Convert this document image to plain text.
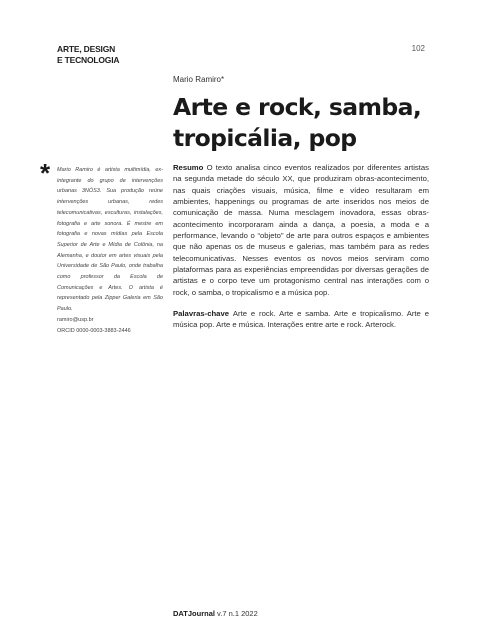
ARTE, DESIGN
E TECNOLOGIA
102
Mario Ramiro*
Arte e rock, samba,
tropicália, pop
* Mario Ramiro é artista multimídia, ex-integrante do grupo de intervenções urbanas 3NÓS3. Sua produção reúne intervenções urbanas, redes telecomunicativas, esculturas, instalações, fotografia e arte sonora. É mestre em fotografia e novas mídias pela Escola Superior de Arte e Mídia de Colônia, na Alemanha, e doutor em artes visuais pela Universidade de São Paulo, onde trabalha como professor da Escola de Comunicações e Artes. O artista é representado pela Zipper Galeria em São Paulo.

ramiro@usp.br

ORCID 0000-0003-3883-2446

Resumo O texto analisa cinco eventos realizados por diferentes artistas na segunda metade do século XX, que produziram obras-acontecimento, nas quais criações visuais, música, filme e vídeo resultaram em ambientes, happenings ou programas de arte inseridos nos meios de comunicação de massa. Numa mesclagem inovadora, essas obras-acontecimento incorporaram ainda a dança, a poesia, a moda e a performance, levando o “objeto” de arte para outros espaços e ambientes que não apenas os de museus e galerias, mas também para as redes telecomunicativas. Nesses eventos os novos meios serviram como plataformas para as experiências empreendidas por diversas gerações de artistas e o corpo teve um protagonismo central nas interações com o rock, o samba, o tropicalismo e a música pop.

Palavras-chave Arte e rock. Arte e samba. Arte e tropicalismo. Arte e música pop. Arte e música. Interações entre arte e rock. Arterock.

DATJournal v.7 n.1 2022
